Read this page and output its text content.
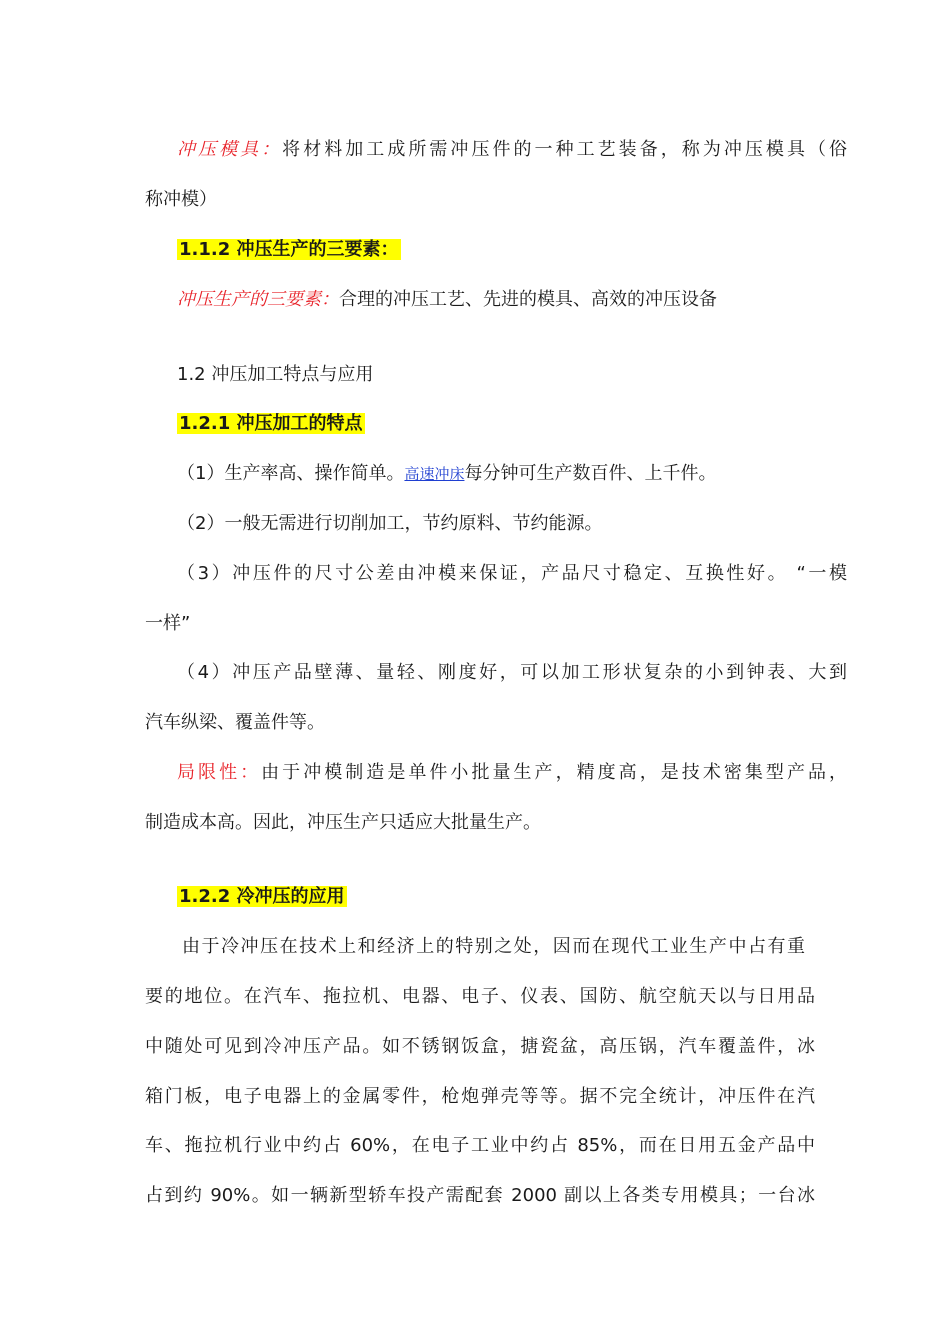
冲压模具：将材料加工成所需冲压件的一种工艺装备，称为冲压模具（俗
称冲模）
1.1.2 冲压生产的三要素：
冲压生产的三要素：合理的冲压工艺、先进的模具、高效的冲压设备
1.2 冲压加工特点与应用
1.2.1 冲压加工的特点
（1）生产率高、操作简单。高速冲床每分钟可生产数百件、上千件。
（2）一般无需进行切削加工，节约原料、节约能源。
（3）冲压件的尺寸公差由冲模来保证，产品尺寸稳定、互换性好。 “一模
一样”
（4）冲压产品壁薄、量轻、刚度好，可以加工形状复杂的小到钟表、大到
汽车纵梁、覆盖件等。
局限性：由于冲模制造是单件小批量生产，精度高，是技术密集型产品，
制造成本高。因此，冲压生产只适应大批量生产。
1.2.2 冷冲压的应用
由于冷冲压在技术上和经济上的特别之处，因而在现代工业生产中占有重
要的地位。在汽车、拖拉机、电器、电子、仪表、国防、航空航天以与日用品
中随处可见到冷冲压产品。如不锈钢饭盒，搪瓷盆，高压锅，汽车覆盖件，冰
箱门板，电子电器上的金属零件，枪炮弹壳等等。据不完全统计，冲压件在汽
车、拖拉机行业中约占 60%，在电子工业中约占 85%，而在日用五金产品中
占到约 90%。如一辆新型轿车投产需配套 2000 副以上各类专用模具；一台冰
